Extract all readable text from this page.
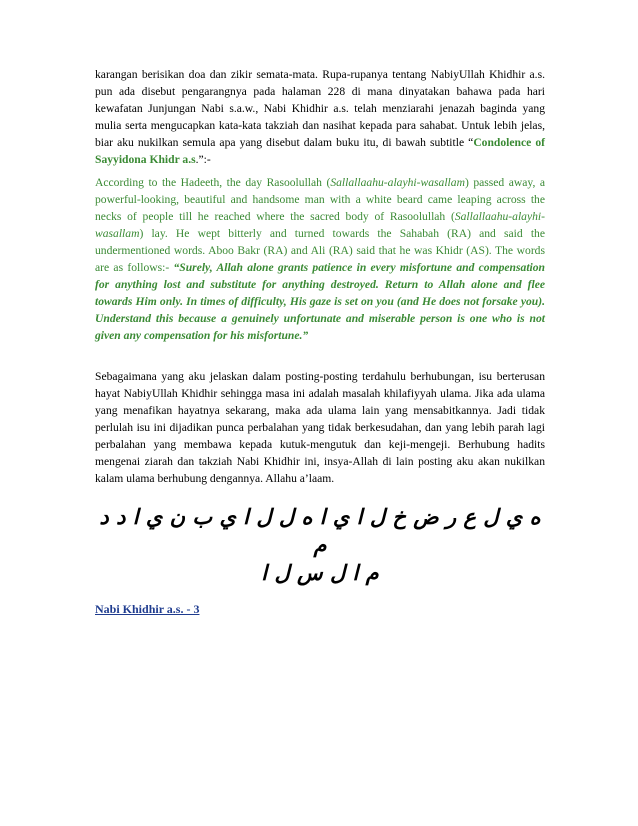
karangan berisikan doa dan zikir semata-mata. Rupa-rupanya tentang NabiyUllah Khidhir a.s. pun ada disebut pengarangnya pada halaman 228 di mana dinyatakan bahawa pada hari kewafatan Junjungan Nabi s.a.w., Nabi Khidhir a.s. telah menziarahi jenazah baginda yang mulia serta mengucapkan kata-kata takziah dan nasihat kepada para sahabat. Untuk lebih jelas, biar aku nukilkan semula apa yang disebut dalam buku itu, di bawah subtitle “Condolence of Sayyidona Khidr a.s.”:-

According to the Hadeeth, the day Rasoolullah (Sallallaahu-alayhi-wasallam) passed away, a powerful-looking, beautiful and handsome man with a white beard came leaping across the necks of people till he reached where the sacred body of Rasoolullah (Sallallaahu-alayhi-wasallam) lay. He wept bitterly and turned towards the Sahabah (RA) and said the undermentioned words. Aboo Bakr (RA) and Ali (RA) said that he was Khidr (AS). The words are as follows:- “Surely, Allah alone grants patience in every misfortune and compensation for anything lost and substitute for anything destroyed. Return to Allah alone and flee towards Him only. In times of difficulty, His gaze is set on you (and He does not forsake you). Understand this because a genuinely unfortunate and miserable person is one who is not given any compensation for his misfortune.”

Sebagaimana yang aku jelaskan dalam posting-posting terdahulu berhubungan, isu berterusan hayat NabiyUllah Khidhir sehingga masa ini adalah masalah khilafiyyah ulama. Jika ada ulama yang menafikan hayatnya sekarang, maka ada ulama lain yang mensabitkannya. Jadi tidak perlulah isu ini dijadikan punca perbalahan yang tidak berkesudahan, dan yang lebih parah lagi perbalahan yang membawa kepada kutuk-mengutuk dan keji-mengeji. Berhubung hadits mengenai ziarah dan takziah Nabi Khidhir ini, insya-Allah di lain posting aku akan nukilkan kalam ulama berhubung dengannya. Allahu a’laam.

ه ي ل ع ر ض خ ل ا ي ا ه ل ل ا ي ب ن ي ا د د م
م ا ل س ل ا
Nabi Khidhir a.s. - 3
